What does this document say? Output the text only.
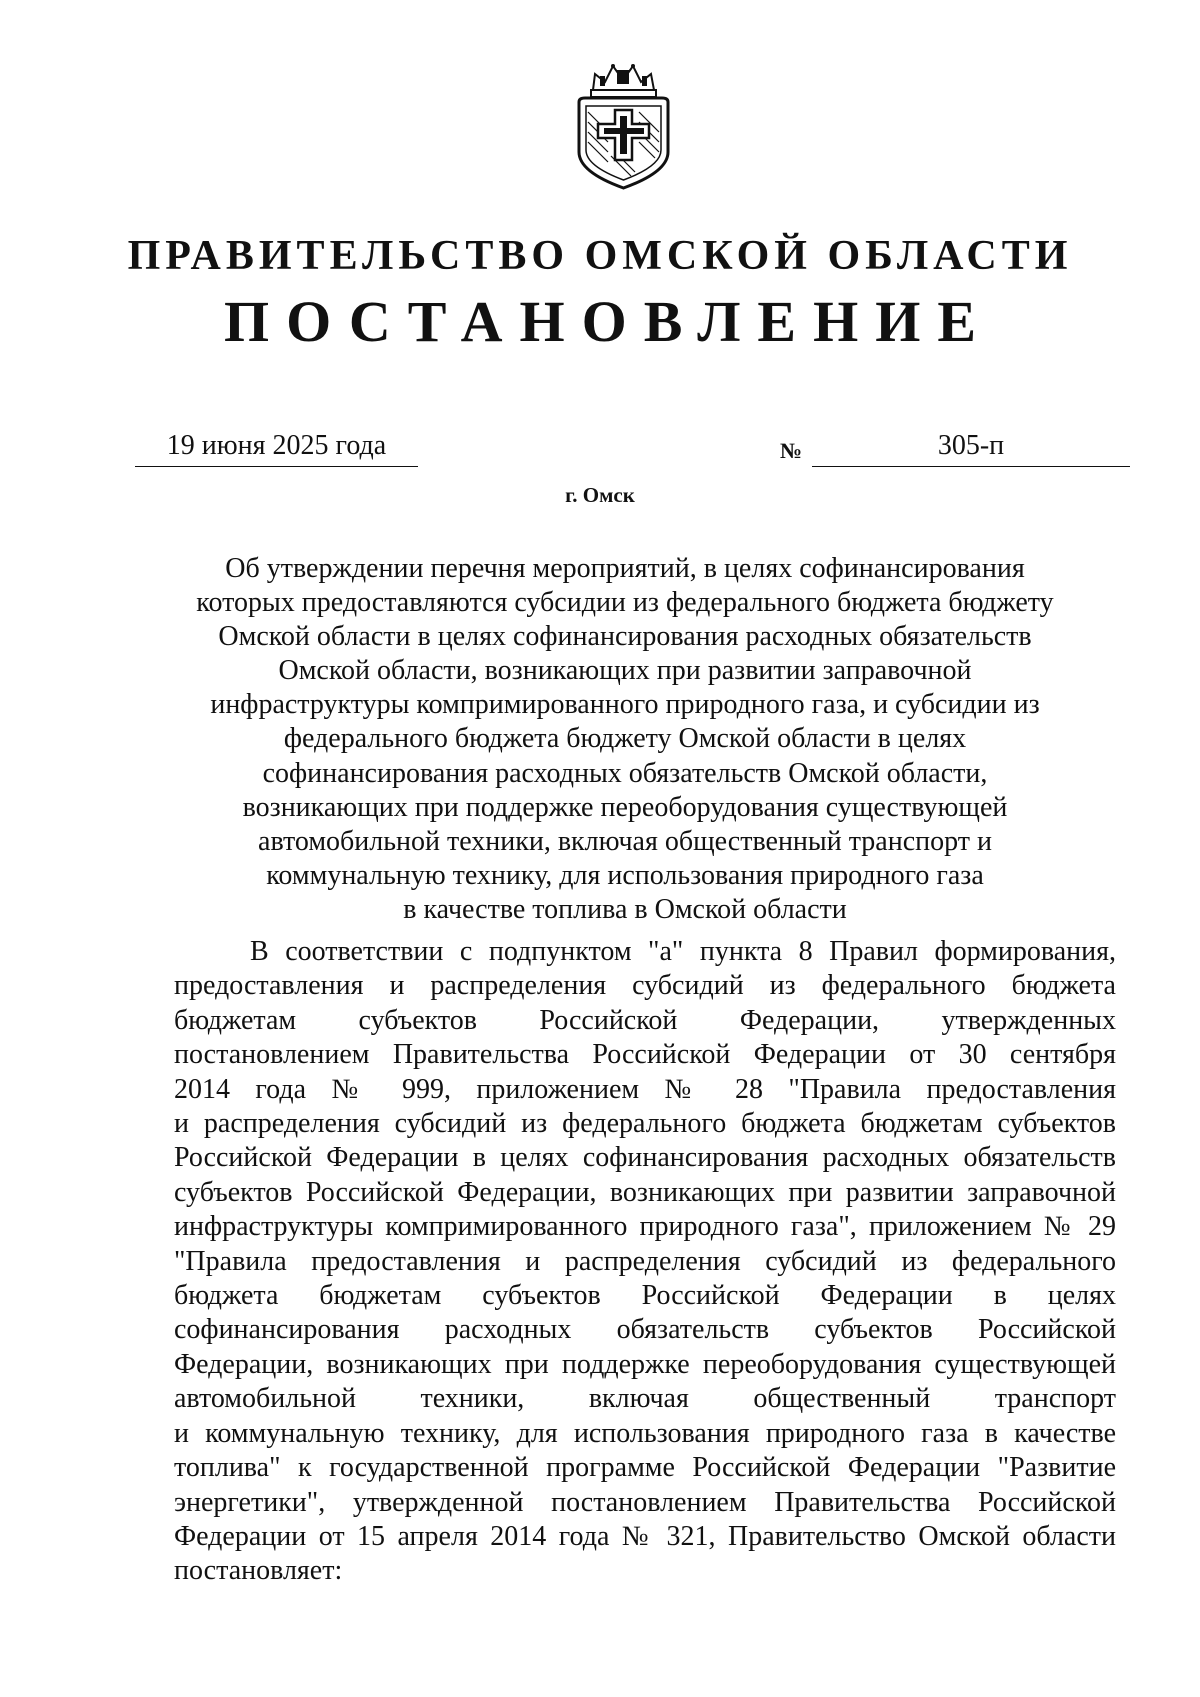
ПРАВИТЕЛЬСТВО ОМСКОЙ ОБЛАСТИ
ПОСТАНОВЛЕНИЕ
19 июня 2025 года	№	305-п
г. Омск
Об утверждении перечня мероприятий, в целях софинансирования
которых предоставляются субсидии из федерального бюджета бюджету
Омской области в целях софинансирования расходных обязательств
Омской области, возникающих при развитии заправочной
инфраструктуры компримированного природного газа, и субсидии из
федерального бюджета бюджету Омской области в целях
софинансирования расходных обязательств Омской области,
возникающих при поддержке переоборудования существующей
автомобильной техники, включая общественный транспорт и
коммунальную технику, для использования природного газа
в качестве топлива в Омской области
В соответствии с подпунктом "а" пункта 8 Правил формирования,
предоставления и распределения субсидий из федерального бюджета
бюджетам субъектов Российской Федерации, утвержденных
постановлением Правительства Российской Федерации от 30 сентября
2014 года № 999, приложением № 28 "Правила предоставления
и распределения субсидий из федерального бюджета бюджетам субъектов
Российской Федерации в целях софинансирования расходных обязательств
субъектов Российской Федерации, возникающих при развитии заправочной
инфраструктуры компримированного природного газа", приложением № 29
"Правила предоставления и распределения субсидий из федерального
бюджета бюджетам субъектов Российской Федерации в целях
софинансирования расходных обязательств субъектов Российской
Федерации, возникающих при поддержке переоборудования существующей
автомобильной техники, включая общественный транспорт
и коммунальную технику, для использования природного газа в качестве
топлива" к государственной программе Российской Федерации "Развитие
энергетики", утвержденной постановлением Правительства Российской
Федерации от 15 апреля 2014 года № 321, Правительство Омской области
постановляет:
